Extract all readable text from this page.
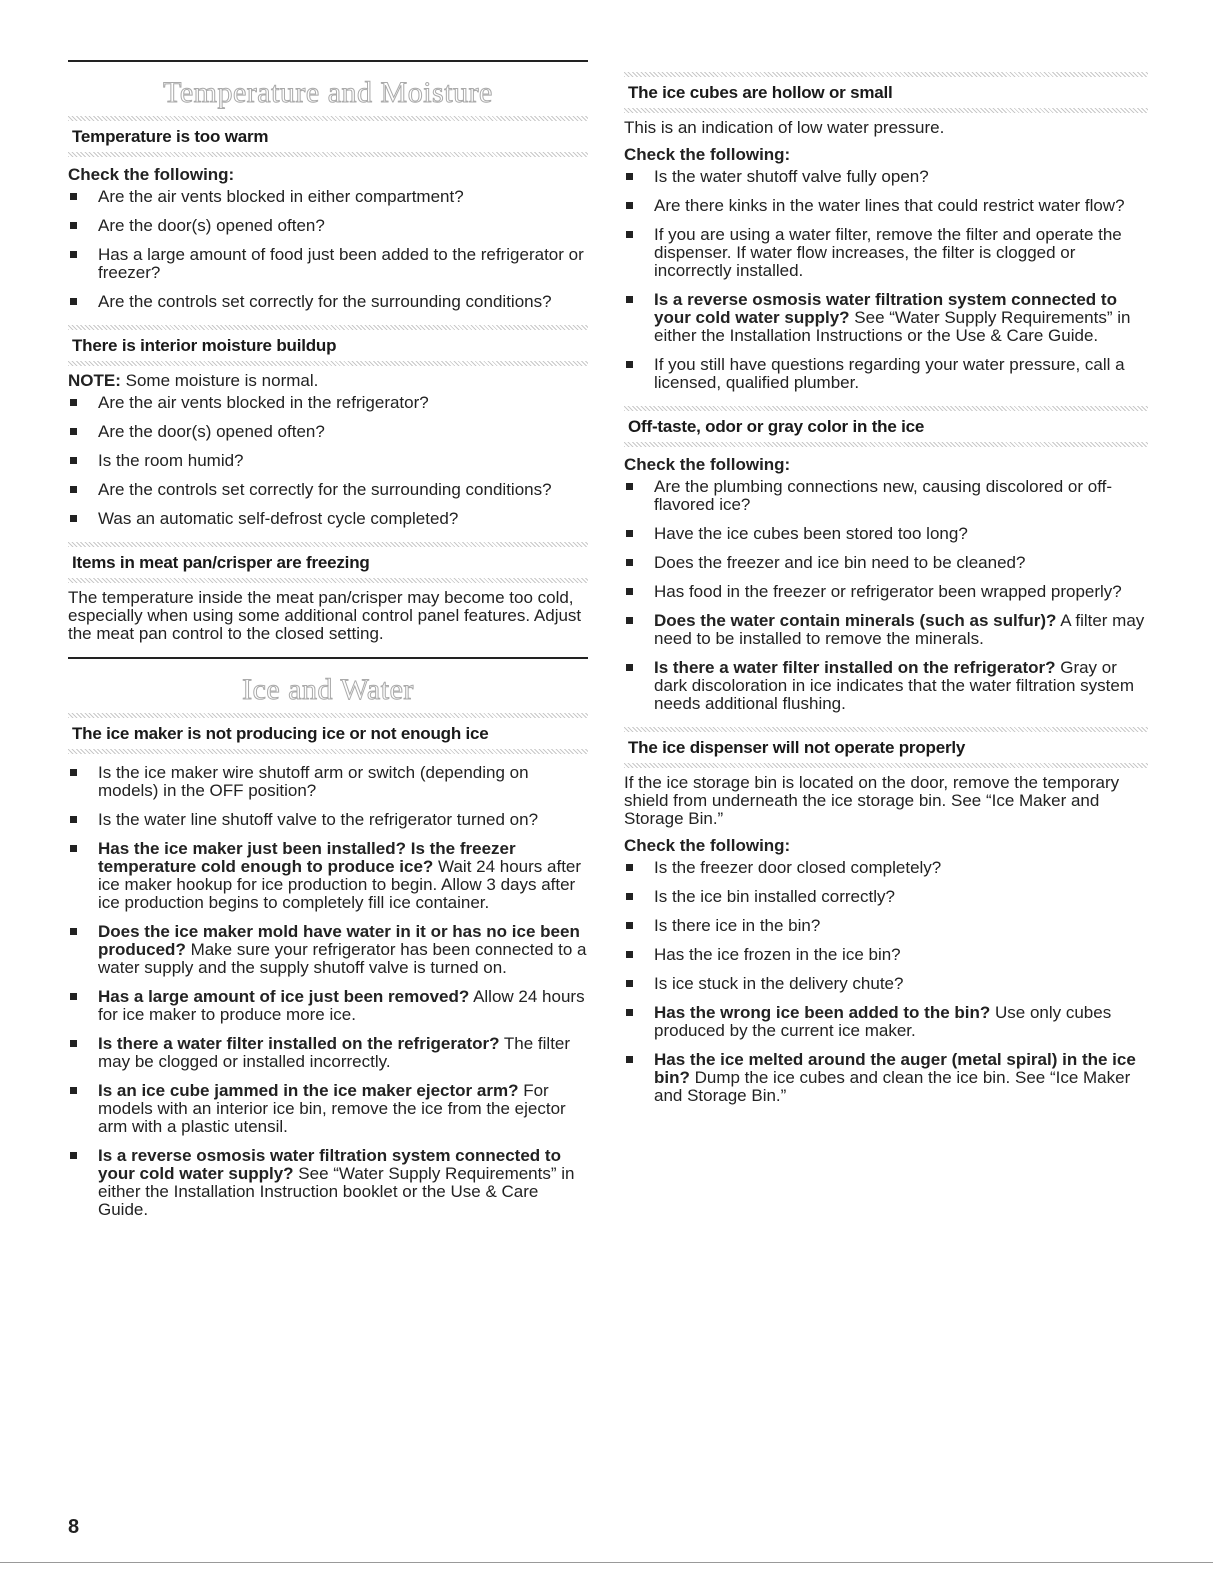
Temperature and Moisture
Temperature is too warm
Check the following:
Are the air vents blocked in either compartment?
Are the door(s) opened often?
Has a large amount of food just been added to the refrigerator or freezer?
Are the controls set correctly for the surrounding conditions?
There is interior moisture buildup
NOTE: Some moisture is normal.
Are the air vents blocked in the refrigerator?
Are the door(s) opened often?
Is the room humid?
Are the controls set correctly for the surrounding conditions?
Was an automatic self-defrost cycle completed?
Items in meat pan/crisper are freezing
The temperature inside the meat pan/crisper may become too cold, especially when using some additional control panel features. Adjust the meat pan control to the closed setting.
Ice and Water
The ice maker is not producing ice or not enough ice
Is the ice maker wire shutoff arm or switch (depending on models) in the OFF position?
Is the water line shutoff valve to the refrigerator turned on?
Has the ice maker just been installed? Is the freezer temperature cold enough to produce ice? Wait 24 hours after ice maker hookup for ice production to begin. Allow 3 days after ice production begins to completely fill ice container.
Does the ice maker mold have water in it or has no ice been produced? Make sure your refrigerator has been connected to a water supply and the supply shutoff valve is turned on.
Has a large amount of ice just been removed? Allow 24 hours for ice maker to produce more ice.
Is there a water filter installed on the refrigerator? The filter may be clogged or installed incorrectly.
Is an ice cube jammed in the ice maker ejector arm? For models with an interior ice bin, remove the ice from the ejector arm with a plastic utensil.
Is a reverse osmosis water filtration system connected to your cold water supply? See “Water Supply Requirements” in either the Installation Instruction booklet or the Use & Care Guide.
The ice cubes are hollow or small
This is an indication of low water pressure.
Check the following:
Is the water shutoff valve fully open?
Are there kinks in the water lines that could restrict water flow?
If you are using a water filter, remove the filter and operate the dispenser. If water flow increases, the filter is clogged or incorrectly installed.
Is a reverse osmosis water filtration system connected to your cold water supply? See “Water Supply Requirements” in either the Installation Instructions or the Use & Care Guide.
If you still have questions regarding your water pressure, call a licensed, qualified plumber.
Off-taste, odor or gray color in the ice
Check the following:
Are the plumbing connections new, causing discolored or off-flavored ice?
Have the ice cubes been stored too long?
Does the freezer and ice bin need to be cleaned?
Has food in the freezer or refrigerator been wrapped properly?
Does the water contain minerals (such as sulfur)? A filter may need to be installed to remove the minerals.
Is there a water filter installed on the refrigerator? Gray or dark discoloration in ice indicates that the water filtration system needs additional flushing.
The ice dispenser will not operate properly
If the ice storage bin is located on the door, remove the temporary shield from underneath the ice storage bin. See “Ice Maker and Storage Bin.”
Check the following:
Is the freezer door closed completely?
Is the ice bin installed correctly?
Is there ice in the bin?
Has the ice frozen in the ice bin?
Is ice stuck in the delivery chute?
Has the wrong ice been added to the bin? Use only cubes produced by the current ice maker.
Has the ice melted around the auger (metal spiral) in the ice bin? Dump the ice cubes and clean the ice bin. See “Ice Maker and Storage Bin.”
8
